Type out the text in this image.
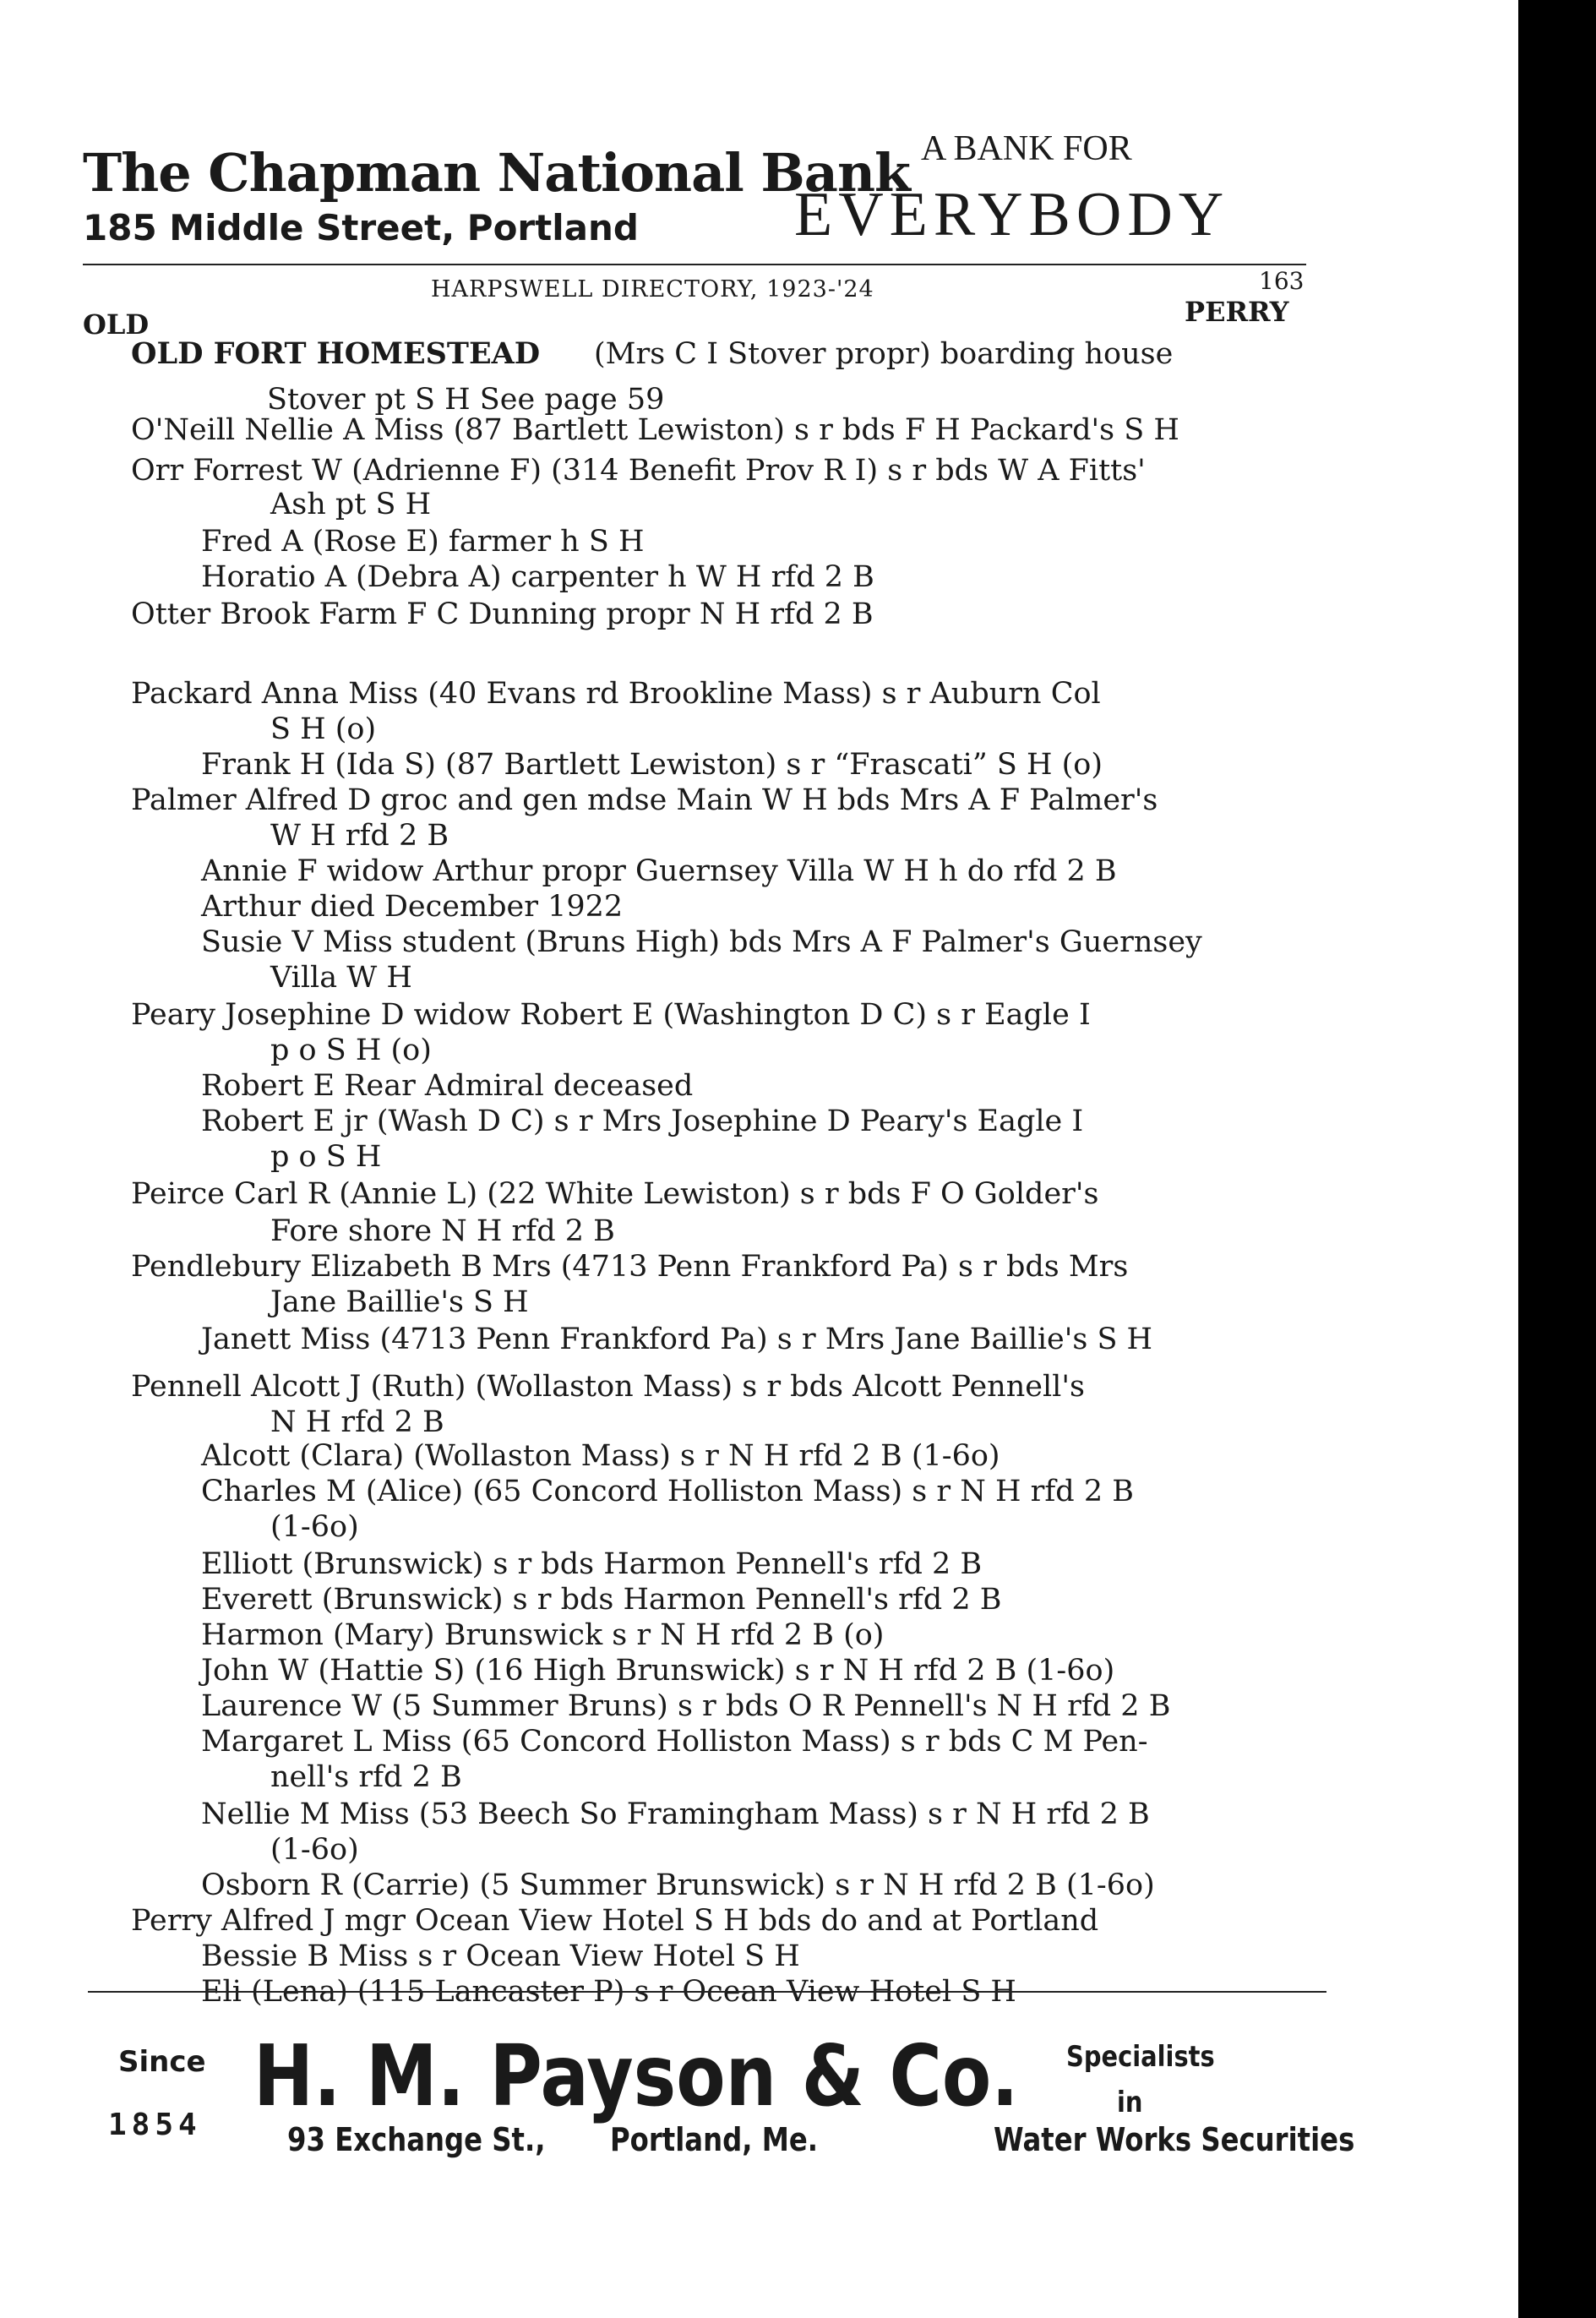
The Chapman National Bank
185 Middle Street, Portland
A BANK FOR
EVERYBODY
HARPSWELL DIRECTORY, 1923-'24	163
OLD	PERRY
OLD FORT HOMESTEAD (Mrs C I Stover propr) boarding house
Stover pt S H See page 59
O'Neill Nellie A Miss (87 Bartlett Lewiston) s r bds F H Packard's S H
Orr Forrest W (Adrienne F) (314 Benefit Prov R I) s r bds W A Fitts'
Ash pt S H
Fred A (Rose E) farmer h S H
Horatio A (Debra A) carpenter h W H rfd 2 B
Otter Brook Farm F C Dunning propr N H rfd 2 B
Packard Anna Miss (40 Evans rd Brookline Mass) s r Auburn Col
S H (o)
Frank H (Ida S) (87 Bartlett Lewiston) s r “Frascati” S H (o)
Palmer Alfred D groc and gen mdse Main W H bds Mrs A F Palmer's
W H rfd 2 B
Annie F widow Arthur propr Guernsey Villa W H h do rfd 2 B
Arthur died December 1922
Susie V Miss student (Bruns High) bds Mrs A F Palmer's Guernsey
Villa W H
Peary Josephine D widow Robert E (Washington D C) s r Eagle I
p o S H (o)
Robert E Rear Admiral deceased
Robert E jr (Wash D C) s r Mrs Josephine D Peary's Eagle I
p o S H
Peirce Carl R (Annie L) (22 White Lewiston) s r bds F O Golder's
Fore shore N H rfd 2 B
Pendlebury Elizabeth B Mrs (4713 Penn Frankford Pa) s r bds Mrs
Jane Baillie's S H
Janett Miss (4713 Penn Frankford Pa) s r Mrs Jane Baillie's S H
Pennell Alcott J (Ruth) (Wollaston Mass) s r bds Alcott Pennell's
N H rfd 2 B
Alcott (Clara) (Wollaston Mass) s r N H rfd 2 B (1-6o)
Charles M (Alice) (65 Concord Holliston Mass) s r N H rfd 2 B
(1-6o)
Elliott (Brunswick) s r bds Harmon Pennell's rfd 2 B
Everett (Brunswick) s r bds Harmon Pennell's rfd 2 B
Harmon (Mary) Brunswick s r N H rfd 2 B (o)
John W (Hattie S) (16 High Brunswick) s r N H rfd 2 B (1-6o)
Laurence W (5 Summer Bruns) s r bds O R Pennell's N H rfd 2 B
Margaret L Miss (65 Concord Holliston Mass) s r bds C M Pen-
nell's rfd 2 B
Nellie M Miss (53 Beech So Framingham Mass) s r N H rfd 2 B
(1-6o)
Osborn R (Carrie) (5 Summer Brunswick) s r N H rfd 2 B (1-6o)
Perry Alfred J mgr Ocean View Hotel S H bds do and at Portland
Bessie B Miss s r Ocean View Hotel S H
Eli (Lena) (115 Lancaster P) s r Ocean View Hotel S H
Since
1854 H. M. Payson & Co.
93 Exchange St., Portland, Me.
Specialists
in
Water Works Securities
